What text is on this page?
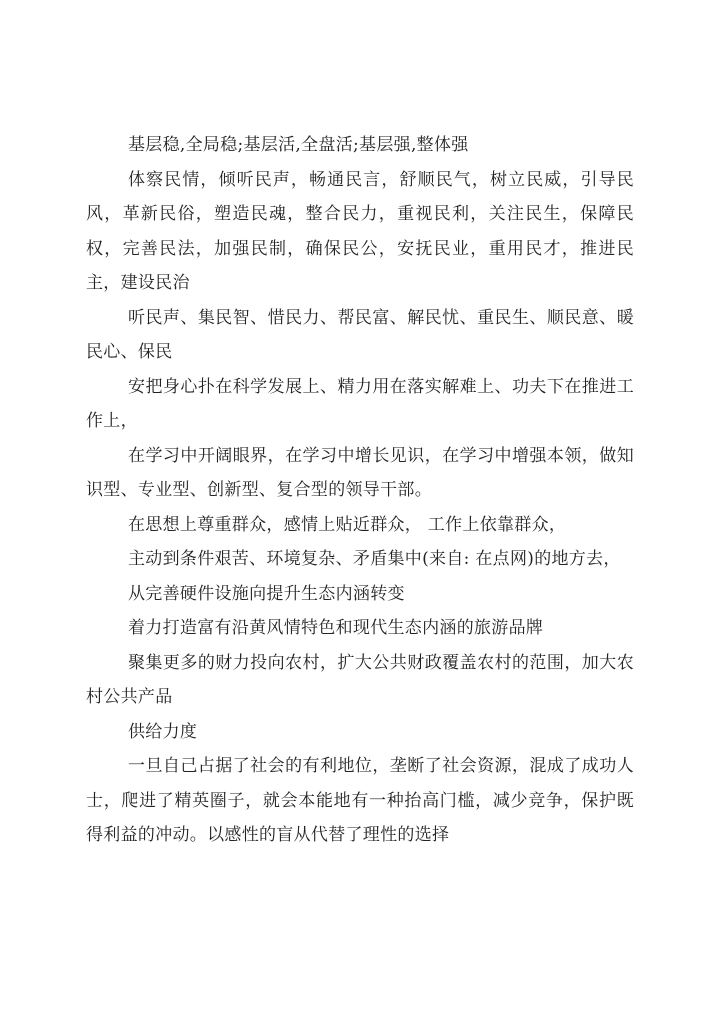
基层稳,全局稳;基层活,全盘活;基层强,整体强

体察民情，倾听民声，畅通民言，舒顺民气，树立民威，引导民风，革新民俗，塑造民魂，整合民力，重视民利，关注民生，保障民权，完善民法，加强民制，确保民公，安抚民业，重用民才，推进民主，建设民治

听民声、集民智、惜民力、帮民富、解民忧、重民生、顺民意、暖民心、保民

安把身心扑在科学发展上、精力用在落实解难上、功夫下在推进工作上，

在学习中开阔眼界，在学习中增长见识，在学习中增强本领，做知识型、专业型、创新型、复合型的领导干部。

在思想上尊重群众，感情上贴近群众， 工作上依靠群众，

主动到条件艰苦、环境复杂、矛盾集中(来自: 在点网)的地方去，

从完善硬件设施向提升生态内涵转变

着力打造富有沿黄风情特色和现代生态内涵的旅游品牌

聚集更多的财力投向农村，扩大公共财政覆盖农村的范围，加大农村公共产品

供给力度

一旦自己占据了社会的有利地位，垄断了社会资源，混成了成功人士，爬进了精英圈子，就会本能地有一种抬高门槛，减少竞争，保护既得利益的冲动。以感性的盲从代替了理性的选择
